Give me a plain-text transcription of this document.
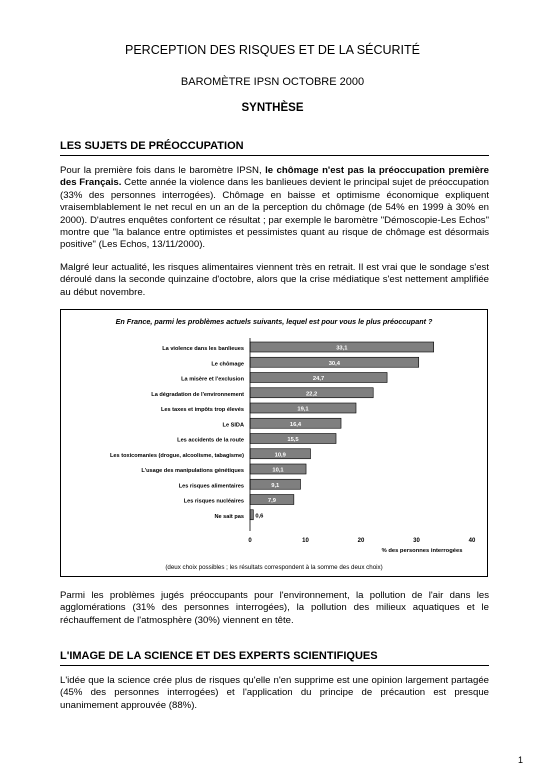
PERCEPTION DES RISQUES ET DE LA SÉCURITÉ
BAROMÈTRE IPSN OCTOBRE 2000
SYNTHÈSE
LES SUJETS DE PRÉOCCUPATION
Pour la première fois dans le baromètre IPSN, le chômage n'est pas la préoccupation première des Français. Cette année la violence dans les banlieues devient le principal sujet de préoccupation (33% des personnes interrogées). Chômage en baisse et optimisme économique expliquent vraisemblablement le net recul en un an de la perception du chômage (de 54% en 1999 à 30% en 2000). D'autres enquêtes confortent ce résultat ; par exemple le baromètre "Démoscopie-Les Echos" montre que "la balance entre optimistes et pessimistes quant au risque de chômage est désormais positive" (Les Echos, 13/11/2000).
Malgré leur actualité, les risques alimentaires viennent très en retrait. Il est vrai que le sondage s'est déroulé dans la seconde quinzaine d'octobre, alors que la crise médiatique s'est nettement amplifiée au début novembre.
En France, parmi les problèmes actuels suivants, lequel est pour vous le plus préoccupant ?
La violence dans les banlieues	33,1
Le chômage	30,4
La misère et l'exclusion	24,7
La dégradation de l'environnement	22,2
Les taxes et impôts trop élevés	19,1
Le SIDA	16,4
Les accidents de la route	15,5
Les toxicomanies (drogue, alcoolisme, tabagisme)	10,9
L'usage des manipulations génétiques	10,1
Les risques alimentaires	9,1
Les risques nucléaires	7,9
Ne sait pas 0,6
0	10	20	30	40
% des personnes interrogées
(deux choix possibles ; les résultats correspondent à la somme des deux choix)
Parmi les problèmes jugés préoccupants pour l'environnement, la pollution de l'air dans les agglomérations (31% des personnes interrogées), la pollution des milieux aquatiques et le réchauffement de l'atmosphère (30%) viennent en tête.
L'IMAGE DE LA SCIENCE ET DES EXPERTS SCIENTIFIQUES
L'idée que la science crée plus de risques qu'elle n'en supprime est une opinion largement partagée (45% des personnes interrogées) et l'application du principe de précaution est presque unanimement approuvée (88%).
1
